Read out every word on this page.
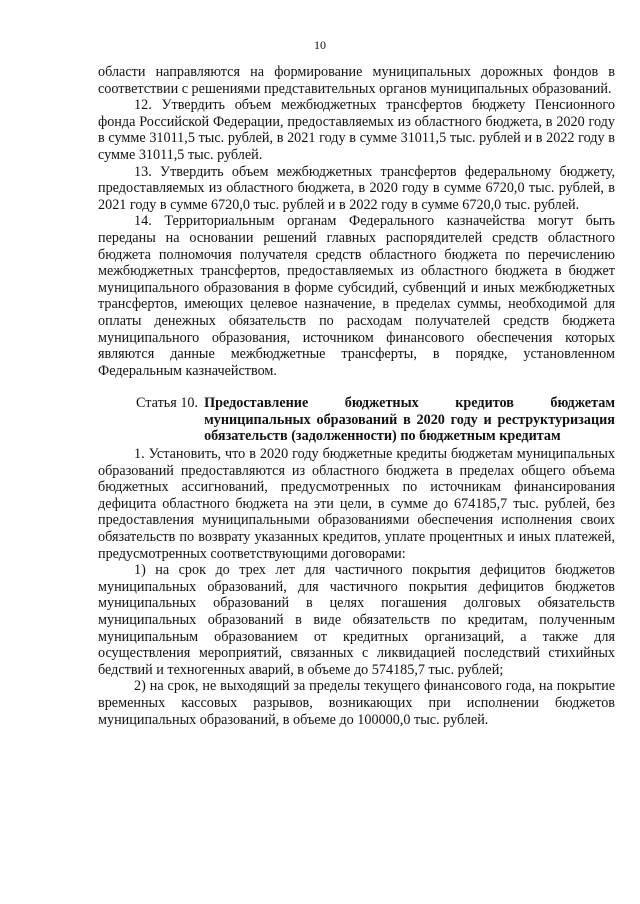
10

области направляются на формирование муниципальных дорожных фондов в соответствии с решениями представительных органов муниципальных образований.

12. Утвердить объем межбюджетных трансфертов бюджету Пенсионного фонда Российской Федерации, предоставляемых из областного бюджета, в 2020 году в сумме 31011,5 тыс. рублей, в 2021 году в сумме 31011,5 тыс. рублей и в 2022 году в сумме 31011,5 тыс. рублей.

13. Утвердить объем межбюджетных трансфертов федеральному бюджету, предоставляемых из областного бюджета, в 2020 году в сумме 6720,0 тыс. рублей, в 2021 году в сумме 6720,0 тыс. рублей и в 2022 году в сумме 6720,0 тыс. рублей.

14. Территориальным органам Федерального казначейства могут быть переданы на основании решений главных распорядителей средств областного бюджета полномочия получателя средств областного бюджета по перечислению межбюджетных трансфертов, предоставляемых из областного бюджета в бюджет муниципального образования в форме субсидий, субвенций и иных межбюджетных трансфертов, имеющих целевое назначение, в пределах суммы, необходимой для оплаты денежных обязательств по расходам получателей средств бюджета муниципального образования, источником финансового обеспечения которых являются данные межбюджетные трансферты, в порядке, установленном Федеральным казначейством.

Статья 10. Предоставление бюджетных кредитов бюджетам муниципальных образований в 2020 году и реструктуризация обязательств (задолженности) по бюджетным кредитам

1. Установить, что в 2020 году бюджетные кредиты бюджетам муниципальных образований предоставляются из областного бюджета в пределах общего объема бюджетных ассигнований, предусмотренных по источникам финансирования дефицита областного бюджета на эти цели, в сумме до 674185,7 тыс. рублей, без предоставления муниципальными образованиями обеспечения исполнения своих обязательств по возврату указанных кредитов, уплате процентных и иных платежей, предусмотренных соответствующими договорами:

1) на срок до трех лет для частичного покрытия дефицитов бюджетов муниципальных образований, для частичного покрытия дефицитов бюджетов муниципальных образований в целях погашения долговых обязательств муниципальных образований в виде обязательств по кредитам, полученным муниципальным образованием от кредитных организаций, а также для осуществления мероприятий, связанных с ликвидацией последствий стихийных бедствий и техногенных аварий, в объеме до 574185,7 тыс. рублей;

2) на срок, не выходящий за пределы текущего финансового года, на покрытие временных кассовых разрывов, возникающих при исполнении бюджетов муниципальных образований, в объеме до 100000,0 тыс. рублей.
